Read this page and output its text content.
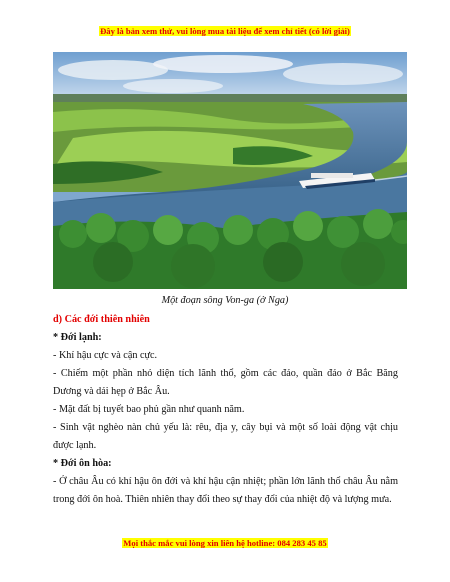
Đây là bản xem thử, vui lòng mua tài liệu để xem chỉ tiết (có lời giải)
Một đoạn sông Von-ga (ở Nga)

d) Các đới thiên nhiên

* Đới lạnh:

- Khí hậu cực và cận cực.

- Chiếm một phần nhỏ diện tích lãnh thổ, gồm các đảo, quần đảo ở Bắc Băng Dương và dải hẹp ở Bắc Âu.

- Mặt đất bị tuyết bao phủ gần như quanh năm.

- Sinh vật nghèo nàn chủ yếu là: rêu, địa y, cây bụi và một số loài động vật chịu được lạnh.

* Đới ôn hòa:

- Ở châu Âu có khí hậu ôn đới và khí hậu cận nhiệt; phần lớn lãnh thổ châu Âu nằm trong đới ôn hoà. Thiên nhiên thay đổi theo sự thay đổi của nhiệt độ và lượng mưa.

Mọi thắc mắc vui lòng xin liên hệ hotline: 084 283 45 85
